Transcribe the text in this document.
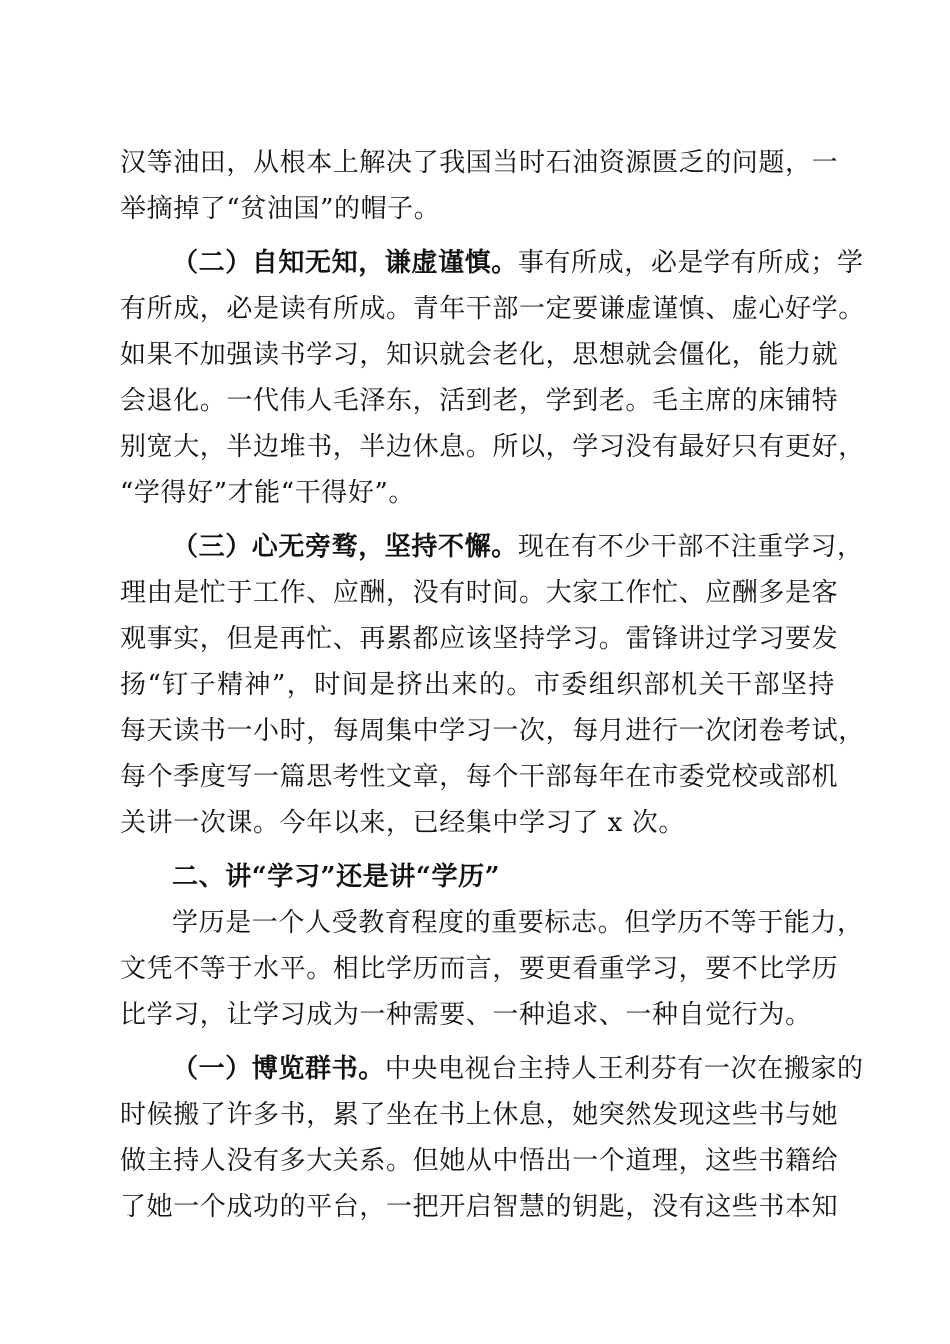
汉等油田，从根本上解决了我国当时石油资源匮乏的问题，一
举摘掉了“贫油国”的帽子。
（二）自知无知，谦虚谨慎。事有所成，必是学有所成；学
有所成，必是读有所成。青年干部一定要谦虚谨慎、虚心好学。
如果不加强读书学习，知识就会老化，思想就会僵化，能力就
会退化。一代伟人毛泽东，活到老，学到老。毛主席的床铺特
别宽大，半边堆书，半边休息。所以，学习没有最好只有更好，
“学得好”才能“干得好”。
（三）心无旁骛，坚持不懈。现在有不少干部不注重学习，
理由是忙于工作、应酬，没有时间。大家工作忙、应酬多是客
观事实，但是再忙、再累都应该坚持学习。雷锋讲过学习要发
扬“钉子精神”，时间是挤出来的。市委组织部机关干部坚持
每天读书一小时，每周集中学习一次，每月进行一次闭卷考试，
每个季度写一篇思考性文章，每个干部每年在市委党校或部机
关讲一次课。今年以来，已经集中学习了 x 次。
二、讲“学习”还是讲“学历”
学历是一个人受教育程度的重要标志。但学历不等于能力，
文凭不等于水平。相比学历而言，要更看重学习，要不比学历
比学习，让学习成为一种需要、一种追求、一种自觉行为。
（一）博览群书。中央电视台主持人王利芬有一次在搬家的
时候搬了许多书，累了坐在书上休息，她突然发现这些书与她
做主持人没有多大关系。但她从中悟出一个道理，这些书籍给
了她一个成功的平台，一把开启智慧的钥匙，没有这些书本知
